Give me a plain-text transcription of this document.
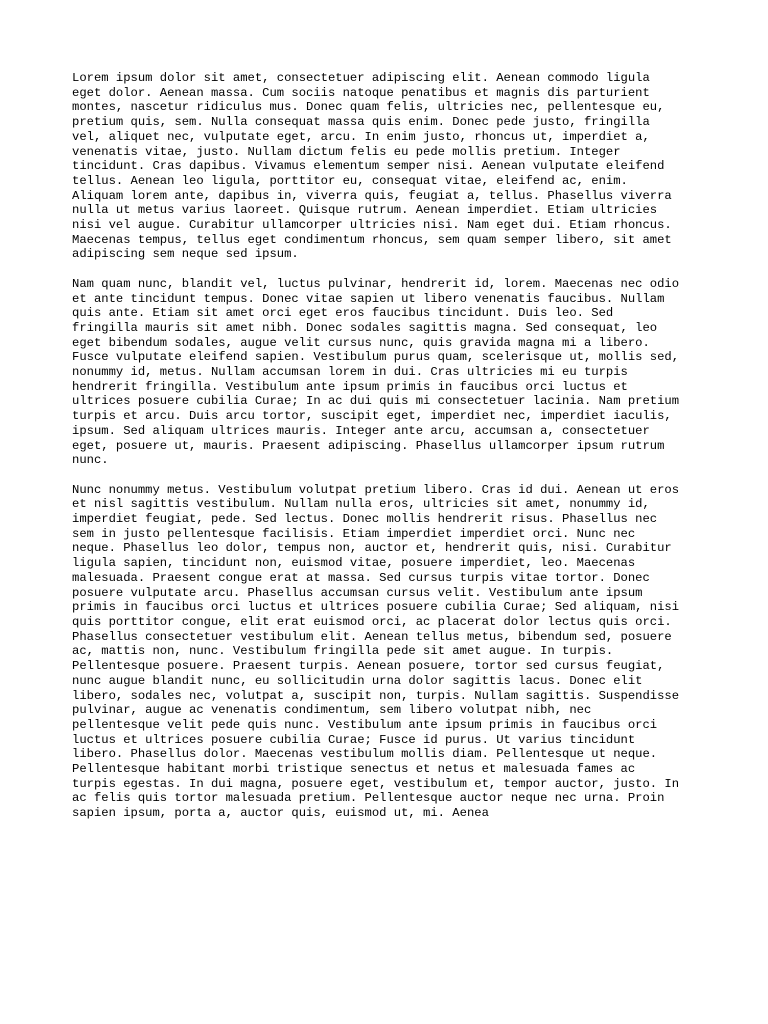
Lorem ipsum dolor sit amet, consectetuer adipiscing elit. Aenean commodo ligula
eget dolor. Aenean massa. Cum sociis natoque penatibus et magnis dis parturient
montes, nascetur ridiculus mus. Donec quam felis, ultricies nec, pellentesque eu,
pretium quis, sem. Nulla consequat massa quis enim. Donec pede justo, fringilla
vel, aliquet nec, vulputate eget, arcu. In enim justo, rhoncus ut, imperdiet a,
venenatis vitae, justo. Nullam dictum felis eu pede mollis pretium. Integer
tincidunt. Cras dapibus. Vivamus elementum semper nisi. Aenean vulputate eleifend
tellus. Aenean leo ligula, porttitor eu, consequat vitae, eleifend ac, enim.
Aliquam lorem ante, dapibus in, viverra quis, feugiat a, tellus. Phasellus viverra
nulla ut metus varius laoreet. Quisque rutrum. Aenean imperdiet. Etiam ultricies
nisi vel augue. Curabitur ullamcorper ultricies nisi. Nam eget dui. Etiam rhoncus.
Maecenas tempus, tellus eget condimentum rhoncus, sem quam semper libero, sit amet
adipiscing sem neque sed ipsum.

Nam quam nunc, blandit vel, luctus pulvinar, hendrerit id, lorem. Maecenas nec odio
et ante tincidunt tempus. Donec vitae sapien ut libero venenatis faucibus. Nullam
quis ante. Etiam sit amet orci eget eros faucibus tincidunt. Duis leo. Sed
fringilla mauris sit amet nibh. Donec sodales sagittis magna. Sed consequat, leo
eget bibendum sodales, augue velit cursus nunc, quis gravida magna mi a libero.
Fusce vulputate eleifend sapien. Vestibulum purus quam, scelerisque ut, mollis sed,
nonummy id, metus. Nullam accumsan lorem in dui. Cras ultricies mi eu turpis
hendrerit fringilla. Vestibulum ante ipsum primis in faucibus orci luctus et
ultrices posuere cubilia Curae; In ac dui quis mi consectetuer lacinia. Nam pretium
turpis et arcu. Duis arcu tortor, suscipit eget, imperdiet nec, imperdiet iaculis,
ipsum. Sed aliquam ultrices mauris. Integer ante arcu, accumsan a, consectetuer
eget, posuere ut, mauris. Praesent adipiscing. Phasellus ullamcorper ipsum rutrum
nunc.

Nunc nonummy metus. Vestibulum volutpat pretium libero. Cras id dui. Aenean ut eros
et nisl sagittis vestibulum. Nullam nulla eros, ultricies sit amet, nonummy id,
imperdiet feugiat, pede. Sed lectus. Donec mollis hendrerit risus. Phasellus nec
sem in justo pellentesque facilisis. Etiam imperdiet imperdiet orci. Nunc nec
neque. Phasellus leo dolor, tempus non, auctor et, hendrerit quis, nisi. Curabitur
ligula sapien, tincidunt non, euismod vitae, posuere imperdiet, leo. Maecenas
malesuada. Praesent congue erat at massa. Sed cursus turpis vitae tortor. Donec
posuere vulputate arcu. Phasellus accumsan cursus velit. Vestibulum ante ipsum
primis in faucibus orci luctus et ultrices posuere cubilia Curae; Sed aliquam, nisi
quis porttitor congue, elit erat euismod orci, ac placerat dolor lectus quis orci.
Phasellus consectetuer vestibulum elit. Aenean tellus metus, bibendum sed, posuere
ac, mattis non, nunc. Vestibulum fringilla pede sit amet augue. In turpis.
Pellentesque posuere. Praesent turpis. Aenean posuere, tortor sed cursus feugiat,
nunc augue blandit nunc, eu sollicitudin urna dolor sagittis lacus. Donec elit
libero, sodales nec, volutpat a, suscipit non, turpis. Nullam sagittis. Suspendisse
pulvinar, augue ac venenatis condimentum, sem libero volutpat nibh, nec
pellentesque velit pede quis nunc. Vestibulum ante ipsum primis in faucibus orci
luctus et ultrices posuere cubilia Curae; Fusce id purus. Ut varius tincidunt
libero. Phasellus dolor. Maecenas vestibulum mollis diam. Pellentesque ut neque.
Pellentesque habitant morbi tristique senectus et netus et malesuada fames ac
turpis egestas. In dui magna, posuere eget, vestibulum et, tempor auctor, justo. In
ac felis quis tortor malesuada pretium. Pellentesque auctor neque nec urna. Proin
sapien ipsum, porta a, auctor quis, euismod ut, mi. Aenea
